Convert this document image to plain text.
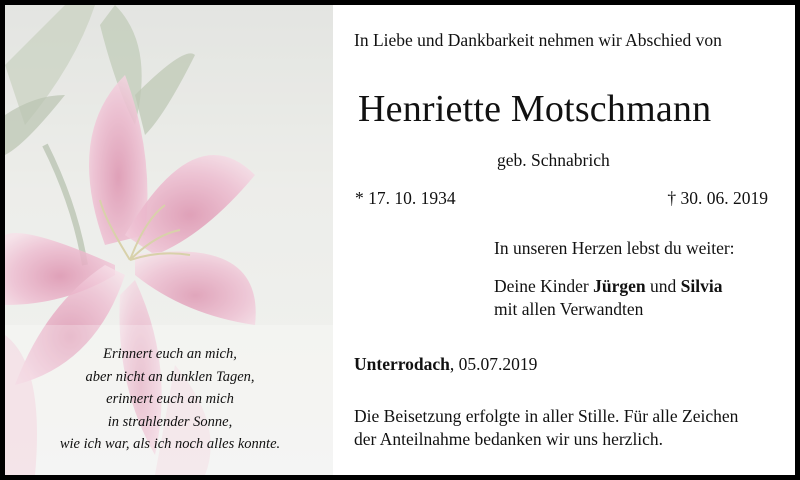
Erinnert euch an mich,
aber nicht an dunklen Tagen,
erinnert euch an mich
in strahlender Sonne,
wie ich war, als ich noch alles konnte.
In Liebe und Dankbarkeit nehmen wir Abschied von
Henriette Motschmann
geb. Schnabrich
* 17. 10. 1934	† 30. 06. 2019
In unseren Herzen lebst du weiter:
Deine Kinder Jürgen und Silvia
mit allen Verwandten
Unterrodach, 05.07.2019
Die Beisetzung erfolgte in aller Stille. Für alle Zeichen
der Anteilnahme bedanken wir uns herzlich.
